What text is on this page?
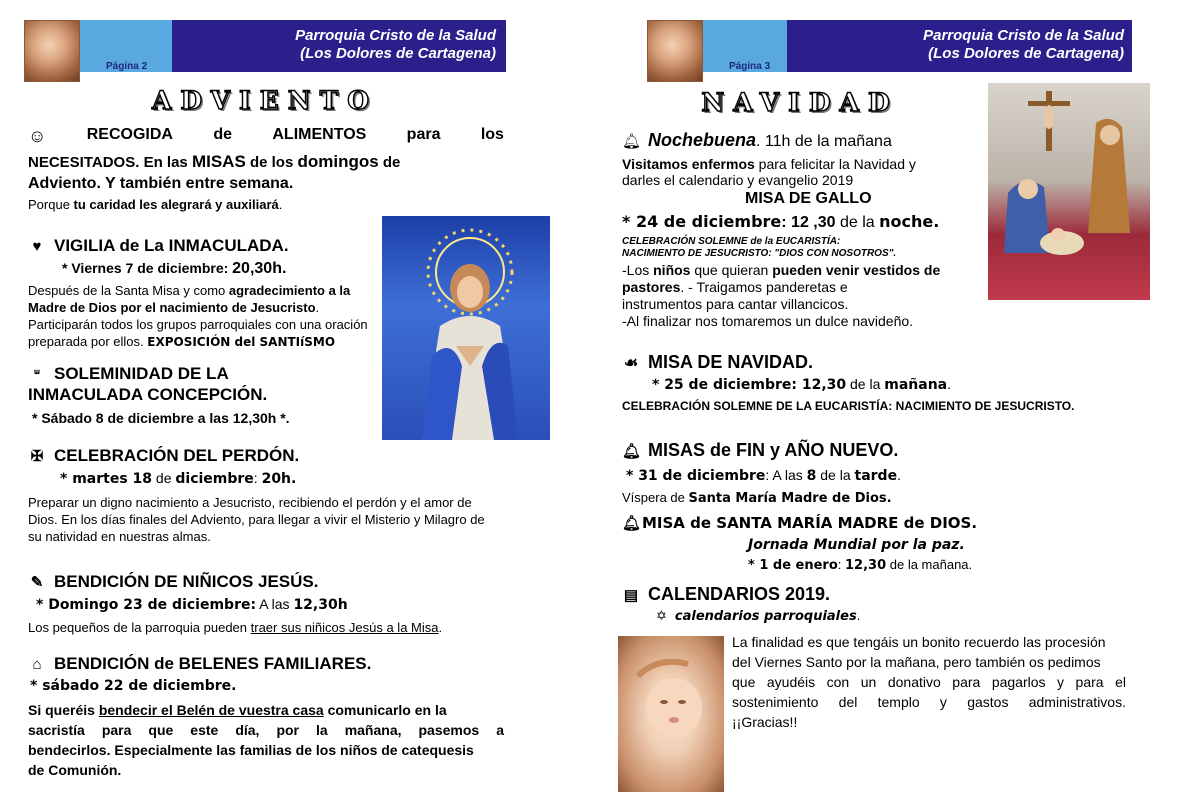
Página 2
Parroquia Cristo de la Salud
(Los Dolores de Cartagena)
Página 3
Parroquia Cristo de la Salud
(Los Dolores de Cartagena)
ADVIENTO
☺	RECOGIDA	de	ALIMENTOS	para	los
NECESITADOS. En las MISAS de los domingos de
Adviento. Y también entre semana.
Porque tu caridad les alegrará y auxiliará.
♥ VIGILIA de La INMACULADA.
* Viernes 7 de diciembre: 20,30h.
Después de la Santa Misa y como agradecimiento a la
Madre de Dios por el nacimiento de Jesucristo.
Participarán todos los grupos parroquiales con una oración
preparada por ellos. EXPOSICIÓN del SANTIíSMO
ᐜ SOLEMINIDAD DE LA
INMACULADA CONCEPCIÓN.
* Sábado 8 de diciembre a las 12,30h *.
✠ CELEBRACIÓN DEL PERDÓN.
* martes 18 de diciembre: 20h.
Preparar un digno nacimiento a Jesucristo, recibiendo el perdón y el amor de
Dios. En los días finales del Adviento, para llegar a vivir el Misterio y Milagro de
su natividad en nuestras almas.
✎ BENDICIÓN DE NIÑICOS JESÚS.
* Domingo 23 de diciembre: A las 12,30h
Los pequeños de la parroquia pueden traer sus niñicos Jesús a la Misa.
⌂ BENDICIÓN de BELENES FAMILIARES.
* sábado 22 de diciembre.
Si queréis bendecir el Belén de vuestra casa comunicarlo en la
sacristía para que este día, por la mañana, pasemos a
bendecirlos. Especialmente las familias de los niños de catequesis
de Comunión.
NAVIDAD
🔔︎ Nochebuena. 11h de la mañana
Visitamos enfermos para felicitar la Navidad y
darles el calendario y evangelio 2019
MISA DE GALLO
* 24 de diciembre: 12 ,30 de la noche.
CELEBRACIÓN SOLEMNE de la EUCARISTÍA:
NACIMIENTO DE JESUCRISTO: "DIOS CON NOSOTROS".
-Los niños que quieran pueden venir vestidos de
pastores. - Traigamos panderetas e
instrumentos para cantar villancicos.
-Al finalizar nos tomaremos un dulce navideño.
☙ MISA DE NAVIDAD.
* 25 de diciembre: 12,30 de la mañana.
CELEBRACIÓN SOLEMNE DE LA EUCARISTÍA: NACIMIENTO DE JESUCRISTO.
🔔︎ MISAS de FIN y AÑO NUEVO.
* 31 de diciembre: A las 8 de la tarde.
Víspera de Santa María Madre de Dios.
🔔︎MISA de SANTA MARÍA MADRE de DIOS.
Jornada Mundial por la paz.
* 1 de enero: 12,30 de la mañana.
▤ CALENDARIOS 2019.
✡ calendarios parroquiales.
La finalidad es que tengáis un bonito recuerdo las procesión
del Viernes Santo por la mañana, pero también os pedimos
que ayudéis con un donativo para pagarlos y para el
sostenimiento del templo y gastos administrativos.
¡¡Gracias!!
